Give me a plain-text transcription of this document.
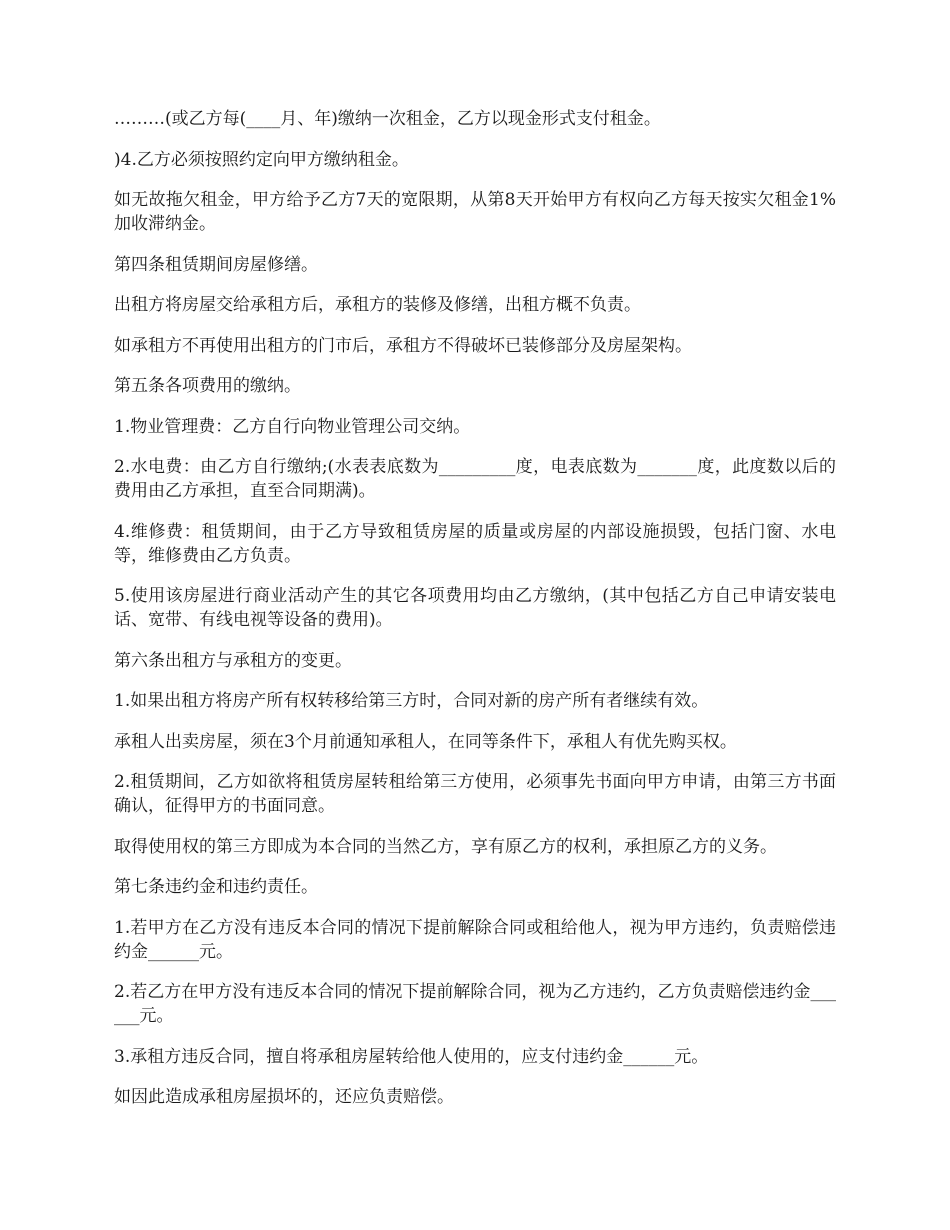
………(或乙方每(____月、年)缴纳一次租金，乙方以现金形式支付租金。

)4.乙方必须按照约定向甲方缴纳租金。

如无故拖欠租金，甲方给予乙方7天的宽限期，从第8天开始甲方有权向乙方每天按实欠租金1%加收滞纳金。

第四条租赁期间房屋修缮。

出租方将房屋交给承租方后，承租方的装修及修缮，出租方概不负责。

如承租方不再使用出租方的门市后，承租方不得破坏已装修部分及房屋架构。

第五条各项费用的缴纳。

1.物业管理费：乙方自行向物业管理公司交纳。

2.水电费：由乙方自行缴纳;(水表表底数为_________度，电表底数为_______度，此度数以后的费用由乙方承担，直至合同期满)。

4.维修费：租赁期间，由于乙方导致租赁房屋的质量或房屋的内部设施损毁，包括门窗、水电等，维修费由乙方负责。

5.使用该房屋进行商业活动产生的其它各项费用均由乙方缴纳，(其中包括乙方自己申请安装电话、宽带、有线电视等设备的费用)。

第六条出租方与承租方的变更。

1.如果出租方将房产所有权转移给第三方时，合同对新的房产所有者继续有效。

承租人出卖房屋，须在3个月前通知承租人，在同等条件下，承租人有优先购买权。

2.租赁期间，乙方如欲将租赁房屋转租给第三方使用，必须事先书面向甲方申请，由第三方书面确认，征得甲方的书面同意。

取得使用权的第三方即成为本合同的当然乙方，享有原乙方的权利，承担原乙方的义务。

第七条违约金和违约责任。

1.若甲方在乙方没有违反本合同的情况下提前解除合同或租给他人，视为甲方违约，负责赔偿违约金______元。

2.若乙方在甲方没有违反本合同的情况下提前解除合同，视为乙方违约，乙方负责赔偿违约金______元。

3.承租方违反合同，擅自将承租房屋转给他人使用的，应支付违约金______元。

如因此造成承租房屋损坏的，还应负责赔偿。
